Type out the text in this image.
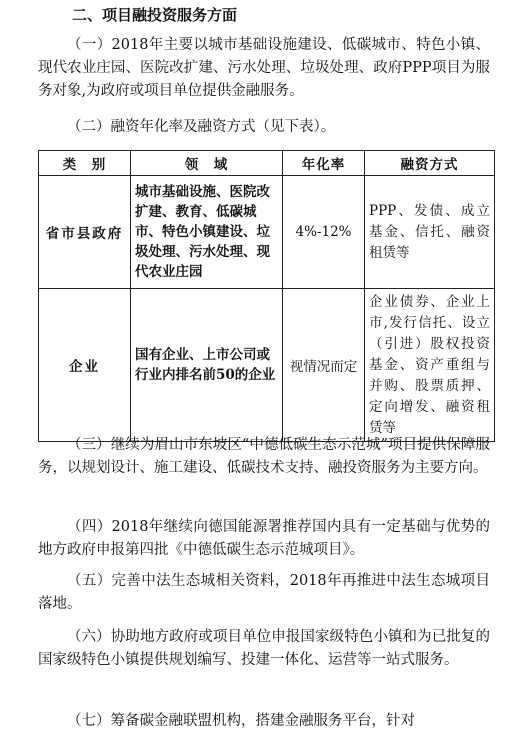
二、项目融投资服务方面
（一）2018年主要以城市基础设施建设、低碳城市、特色小镇、现代农业庄园、医院改扩建、污水处理、垃圾处理、政府PPP项目为服务对象,为政府或项目单位提供金融服务。
（二）融资年化率及融资方式（见下表）。
类　别	领　域	年化率	融资方式
省市县政府	城市基础设施、医院改扩建、教育、低碳城市、特色小镇建设、垃圾处理、污水处理、现代农业庄园	4%-12%	PPP、发债、成立基金、信托、融资租赁等
企业	国有企业、上市公司或行业内排名前50的企业	视情况而定	企业债券、企业上市,发行信托、设立（引进）股权投资基金、资产重组与并购、股票质押、定向增发、融资租赁等
（三）继续为眉山市东坡区“中德低碳生态示范城”项目提供保障服务，以规划设计、施工建设、低碳技术支持、融投资服务为主要方向。
（四）2018年继续向德国能源署推荐国内具有一定基础与优势的地方政府申报第四批《中德低碳生态示范城项目》。
（五）完善中法生态城相关资料，2018年再推进中法生态城项目落地。
（六）协助地方政府或项目单位申报国家级特色小镇和为已批复的国家级特色小镇提供规划编写、投建一体化、运营等一站式服务。
（七）筹备碳金融联盟机构，搭建金融服务平台，针对
